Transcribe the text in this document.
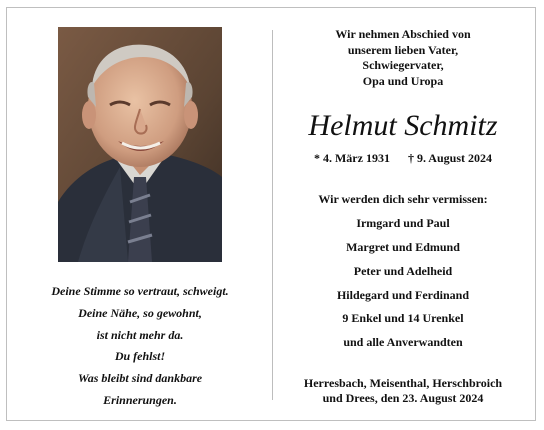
Deine Stimme so vertraut, schweigt.
Deine Nähe, so gewohnt,
ist nicht mehr da.
Du fehlst!
Was bleibt sind dankbare
Erinnerungen.
Wir nehmen Abschied von
unserem lieben Vater,
Schwiegervater,
Opa und Uropa
Helmut Schmitz
* 4. März 1931 † 9. August 2024
Wir werden dich sehr vermissen:
Irmgard und Paul
Margret und Edmund
Peter und Adelheid
Hildegard und Ferdinand
9 Enkel und 14 Urenkel
und alle Anverwandten
Herresbach, Meisenthal, Herschbroich
und Drees, den 23. August 2024
